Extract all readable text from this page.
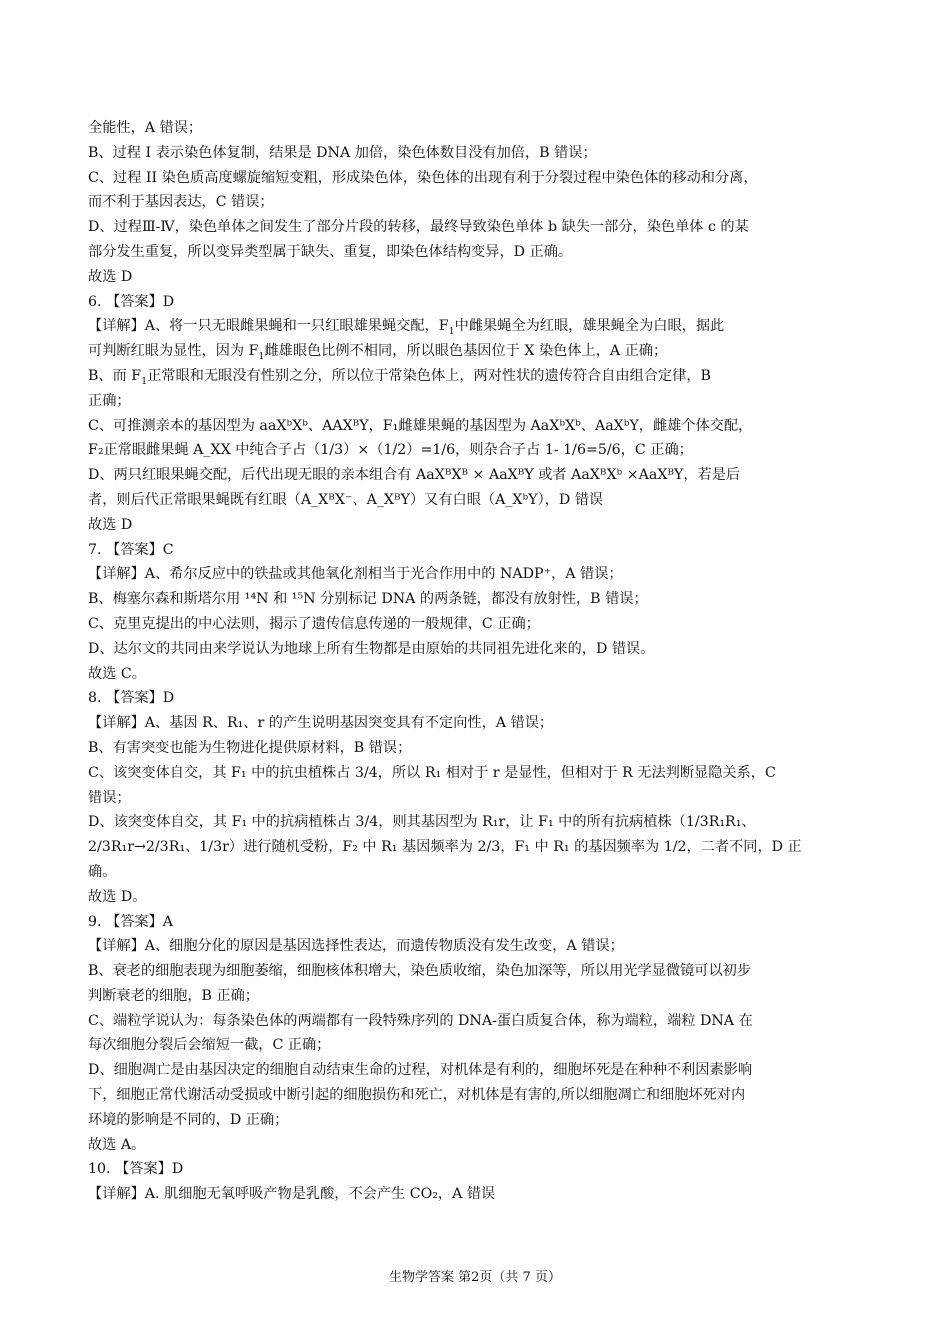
全能性，A 错误；
B、过程 I 表示染色体复制，结果是 DNA 加倍，染色体数目没有加倍，B 错误；
C、过程 II 染色质高度螺旋缩短变粗，形成染色体，染色体的出现有利于分裂过程中染色体的移动和分离，
而不利于基因表达，C 错误；
D、过程Ⅲ-Ⅳ，染色单体之间发生了部分片段的转移，最终导致染色单体 b 缺失一部分，染色单体 c 的某
部分发生重复，所以变异类型属于缺失、重复，即染色体结构变异，D 正确。
故选 D
6. 【答案】D
【详解】A、将一只无眼雌果蝇和一只红眼雄果蝇交配，$F_1$中雌果蝇全为红眼，雄果蝇全为白眼，据此
可判断红眼为显性，因为 $F_1$雌雄眼色比例不相同，所以眼色基因位于 X 染色体上，A 正确；
B、而 $F_1$正常眼和无眼没有性别之分，所以位于常染色体上，两对性状的遗传符合自由组合定律，B
正确；
C、可推测亲本的基因型为 aaXᵇXᵇ、AAXᴮY，F₁雌雄果蝇的基因型为 AaXᵇXᵇ、AaXᵇY，雌雄个体交配，
F₂正常眼雌果蝇 A_XX 中纯合子占（1/3）×（1/2）=1/6，则杂合子占 1- 1/6=5/6，C 正确；
D、两只红眼果蝇交配，后代出现无眼的亲本组合有 AaXᴮXᴮ × AaXᴮY 或者 AaXᴮXᵇ ×AaXᴮY，若是后
者，则后代正常眼果蝇既有红眼（A_XᴮX⁻、A_XᴮY）又有白眼（A_XᵇY），D 错误
故选 D
7. 【答案】C
【详解】A、希尔反应中的铁盐或其他氧化剂相当于光合作用中的 NADP⁺，A 错误；
B、梅塞尔森和斯塔尔用 ¹⁴N 和 ¹⁵N 分别标记 DNA 的两条链，都没有放射性，B 错误；
C、克里克提出的中心法则，揭示了遗传信息传递的一般规律，C 正确；
D、达尔文的共同由来学说认为地球上所有生物都是由原始的共同祖先进化来的，D 错误。
故选 C。
8. 【答案】D
【详解】A、基因 R、R₁、r 的产生说明基因突变具有不定向性，A 错误；
B、有害突变也能为生物进化提供原材料，B 错误；
C、该突变体自交，其 F₁ 中的抗虫植株占 3/4，所以 R₁ 相对于 r 是显性，但相对于 R 无法判断显隐关系，C
错误；
D、该突变体自交，其 F₁ 中的抗病植株占 3/4，则其基因型为 R₁r，让 F₁ 中的所有抗病植株（1/3R₁R₁、
2/3R₁r→2/3R₁、1/3r）进行随机受粉，F₂ 中 R₁ 基因频率为 2/3，F₁ 中 R₁ 的基因频率为 1/2，二者不同，D 正
确。
故选 D。
9. 【答案】A
【详解】A、细胞分化的原因是基因选择性表达，而遗传物质没有发生改变，A 错误；
B、衰老的细胞表现为细胞萎缩，细胞核体积增大，染色质收缩，染色加深等，所以用光学显微镜可以初步
判断衰老的细胞，B 正确；
C、端粒学说认为：每条染色体的两端都有一段特殊序列的 DNA-蛋白质复合体，称为端粒，端粒 DNA 在
每次细胞分裂后会缩短一截，C 正确；
D、细胞凋亡是由基因决定的细胞自动结束生命的过程，对机体是有利的，细胞坏死是在种种不利因素影响
下，细胞正常代谢活动受损或中断引起的细胞损伤和死亡，对机体是有害的,所以细胞凋亡和细胞坏死对内
环境的影响是不同的，D 正确；
故选 A。
10. 【答案】D
【详解】A. 肌细胞无氧呼吸产物是乳酸，不会产生 CO₂，A 错误
生物学答案 第2页（共 7 页）
